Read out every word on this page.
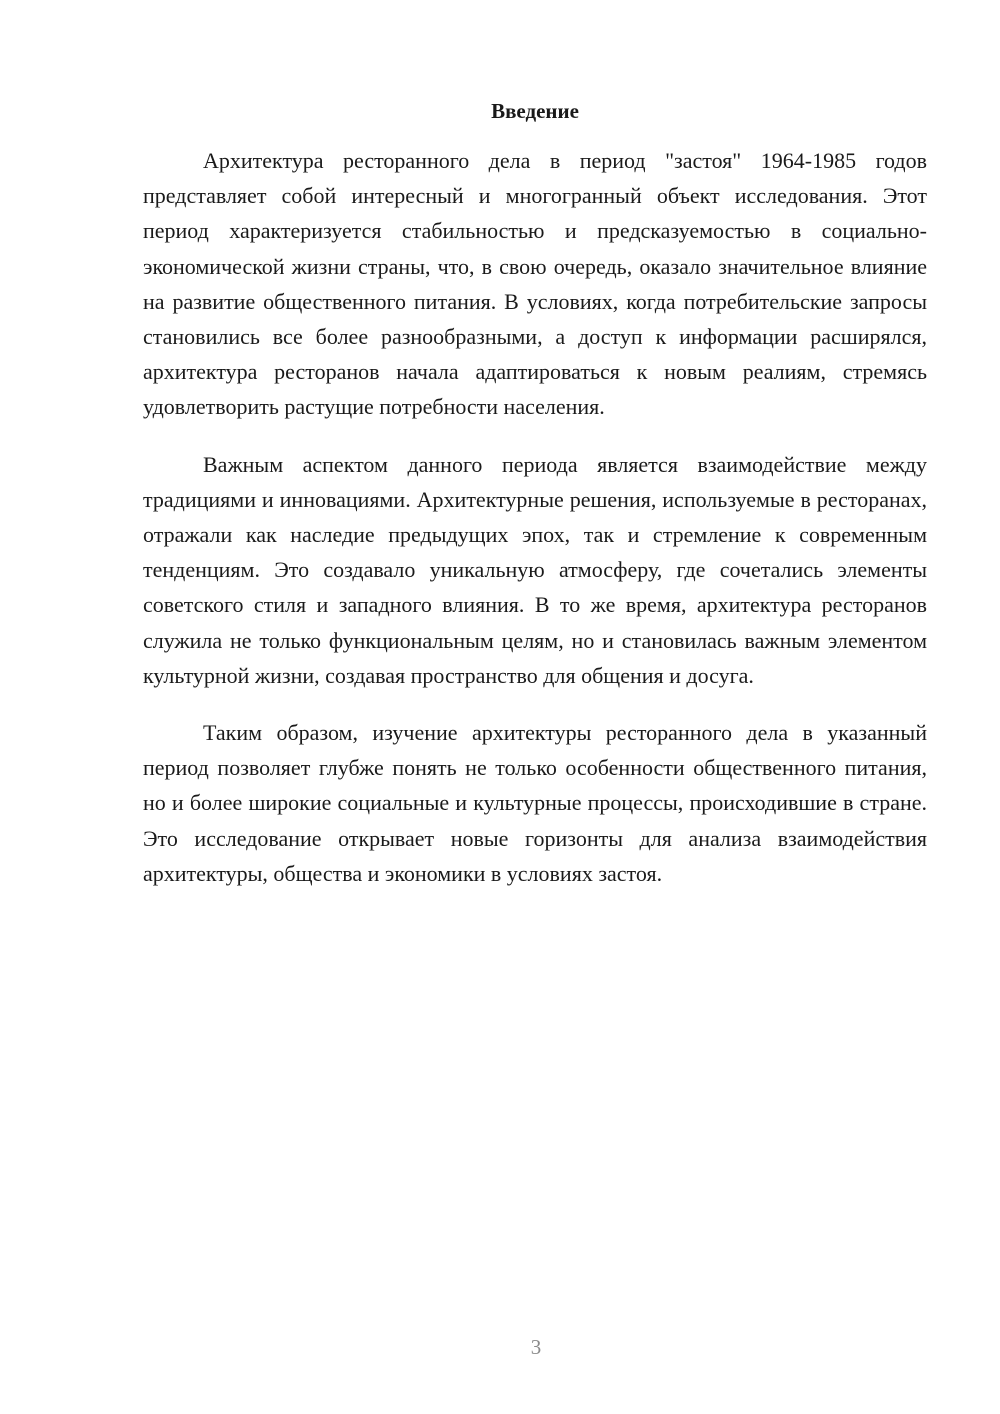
Введение

Архитектура ресторанного дела в период "застоя" 1964-1985 годов представляет собой интересный и многогранный объект исследования. Этот период характеризуется стабильностью и предсказуемостью в социально-экономической жизни страны, что, в свою очередь, оказало значительное влияние на развитие общественного питания. В условиях, когда потребительские запросы становились все более разнообразными, а доступ к информации расширялся, архитектура ресторанов начала адаптироваться к новым реалиям, стремясь удовлетворить растущие потребности населения.

Важным аспектом данного периода является взаимодействие между традициями и инновациями. Архитектурные решения, используемые в ресторанах, отражали как наследие предыдущих эпох, так и стремление к современным тенденциям. Это создавало уникальную атмосферу, где сочетались элементы советского стиля и западного влияния. В то же время, архитектура ресторанов служила не только функциональным целям, но и становилась важным элементом культурной жизни, создавая пространство для общения и досуга.

Таким образом, изучение архитектуры ресторанного дела в указанный период позволяет глубже понять не только особенности общественного питания, но и более широкие социальные и культурные процессы, происходившие в стране. Это исследование открывает новые горизонты для анализа взаимодействия архитектуры, общества и экономики в условиях застоя.

3
